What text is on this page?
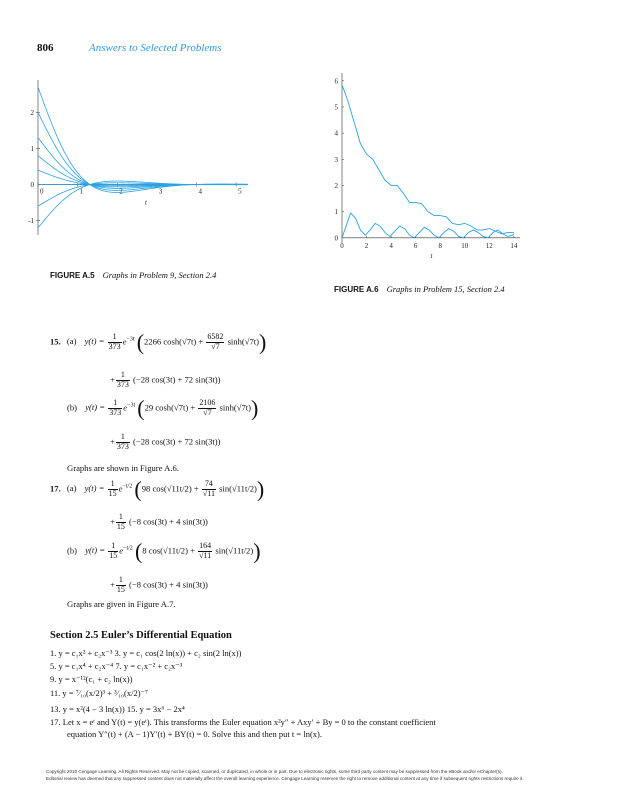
806	Answers to Selected Problems
0	1	2	3	4	5
-1
1
2
0
t
FIGURE A.5 Graphs in Problem 9, Section 2.4
0	2	4	6	8	10	12	14
0
1
2
3
4
5
6
t
FIGURE A.6 Graphs in Problem 15, Section 2.4
15. (a) $y(t) = \frac{1}{373} e^{-3t}$ (2266 $\cosh(√7t) + \frac{6582}{√7} \sinh(√7t)$)
+ $\frac{1}{373} (-28$ cos(3t) + 72 sin(3t))
(b) $y(t) = \frac{1}{373} e^{-3t}$ (29 $\cosh(√7t) + \frac{2106}{√7} \sinh(√7t)$)
+ $\frac{1}{373} (-28$ cos(3t) + 72 sin(3t))
Graphs are shown in Figure A.6.
17. (a) $y(t) = \frac{1}{15} e^{-t/2}$ (98 $\cos(√11t/2) + \frac{74}{√11} \sin(√11t/2)$)
+ $\frac{1}{15} (-8$ cos(3t) + 4 sin(3t))
(b) $y(t) = \frac{1}{15} e^{-t/2}$ (8 $\cos(√11t/2) + \frac{164}{√11} \sin(√11t/2)$)
+ $\frac{1}{15} (-8$ cos(3t) + 4 sin(3t))
Graphs are given in Figure A.7.
Section 2.5 Euler’s Differential Equation
1. y = c₁x² + c₂x⁻³ 3. y = c₁ cos(2 ln(x)) + c₂ sin(2 ln(x))
5. y = c₁x⁴ + c₂x⁻⁴ 7. y = c₁x⁻² + c₂x⁻³
9. y = x⁻¹²(c₁ + c₂ ln(x))
11. y = ⁷⁄₁₀(x/2)³ + ³⁄₁₀(x/2)⁻⁷
13. y = x²(4 − 3 ln(x)) 15. y = 3x⁶ − 2x⁴
17. Let x = eᵗ and Y(t) = y(eᵗ). This transforms the Euler equation x²y″ + Axy′ + By = 0 to the constant coefficient
equation Y″(t) + (A − 1)Y′(t) + BY(t) = 0. Solve this and then put t = ln(x).
Copyright 2010 Cengage Learning. All Rights Reserved. May not be copied, scanned, or duplicated, in whole or in part. Due to electronic rights, some third party content may be suppressed from the eBook and/or eChapter(s).
Editorial review has deemed that any suppressed content does not materially affect the overall learning experience. Cengage Learning reserves the right to remove additional content at any time if subsequent rights restrictions require it.
